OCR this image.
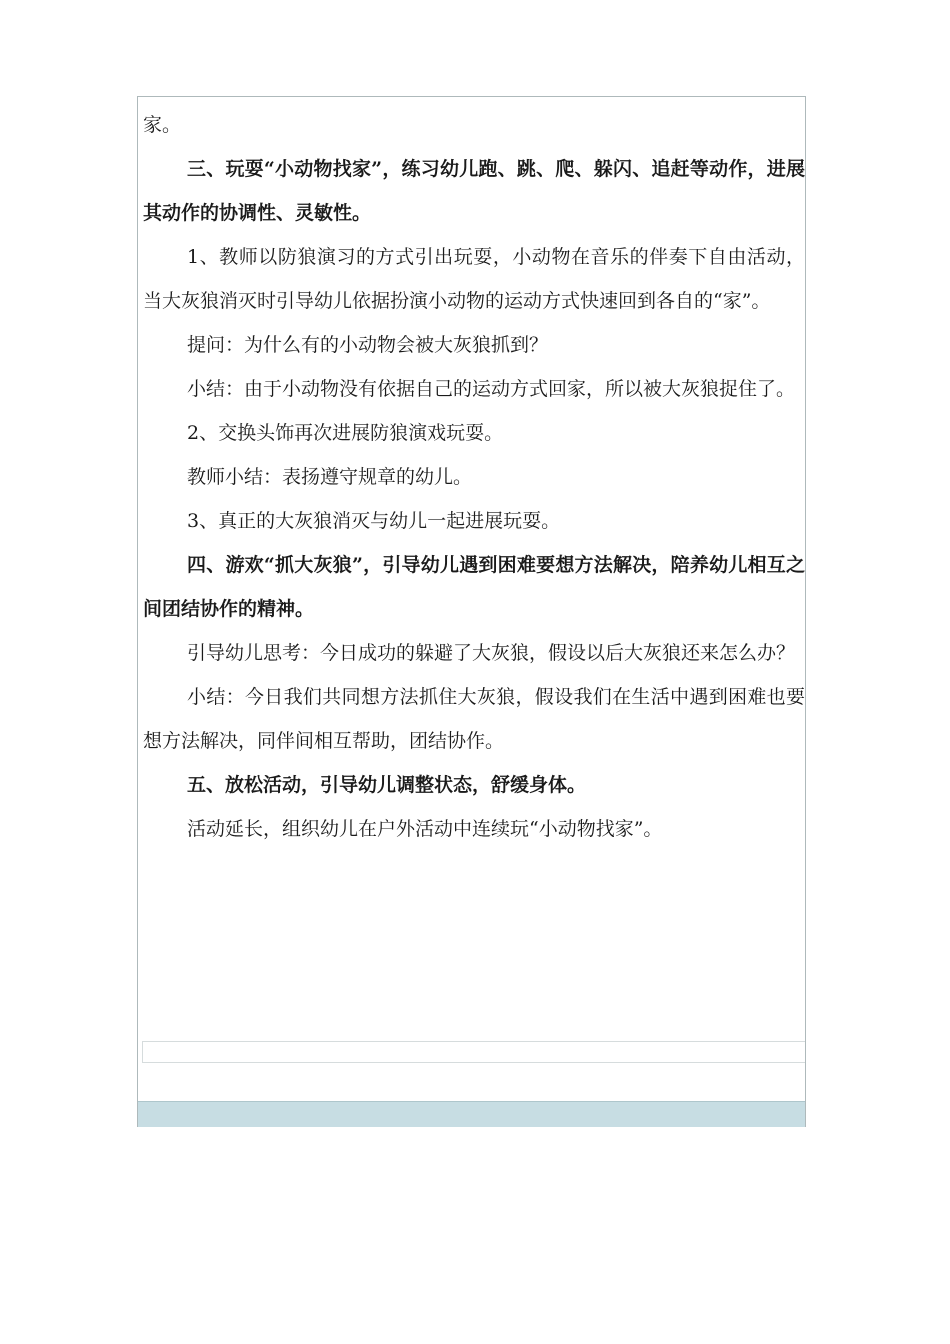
家。

三、玩耍“小动物找家”，练习幼儿跑、跳、爬、躲闪、追赶等动作，进展其动作的协调性、灵敏性。

1、教师以防狼演习的方式引出玩耍，小动物在音乐的伴奏下自由活动，当大灰狼消灭时引导幼儿依据扮演小动物的运动方式快速回到各自的“家”。

提问：为什么有的小动物会被大灰狼抓到？

小结：由于小动物没有依据自己的运动方式回家，所以被大灰狼捉住了。

2、交换头饰再次进展防狼演戏玩耍。

教师小结：表扬遵守规章的幼儿。

3、真正的大灰狼消灭与幼儿一起进展玩耍。

四、游欢“抓大灰狼”，引导幼儿遇到困难要想方法解决，陪养幼儿相互之间团结协作的精神。

引导幼儿思考：今日成功的躲避了大灰狼，假设以后大灰狼还来怎么办？

小结：今日我们共同想方法抓住大灰狼，假设我们在生活中遇到困难也要想方法解决，同伴间相互帮助，团结协作。

五、放松活动，引导幼儿调整状态，舒缓身体。

活动延长，组织幼儿在户外活动中连续玩“小动物找家”。
